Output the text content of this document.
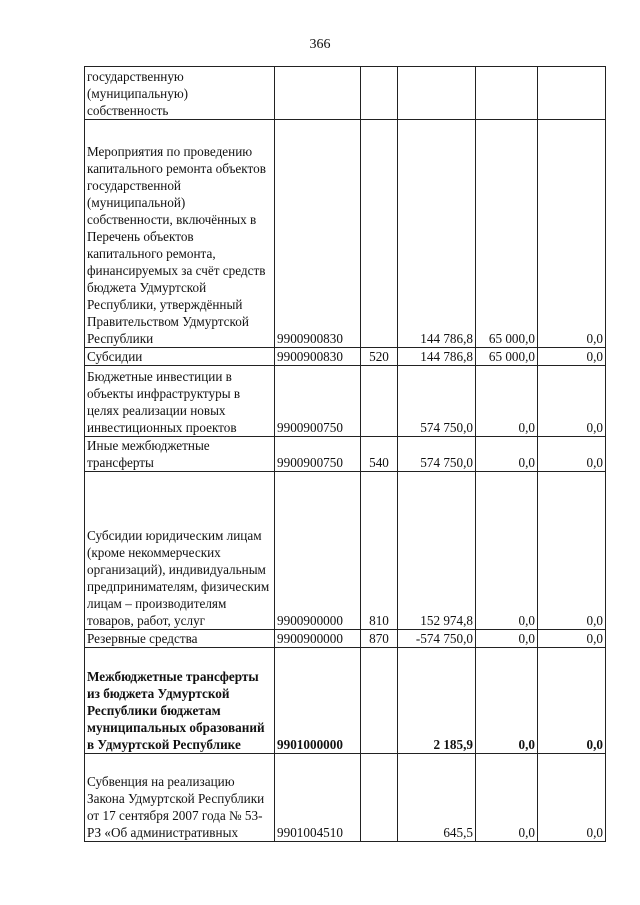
366
государственную (муниципальную) собственность					
Мероприятия по проведению капитального ремонта объектов государственной (муниципальной) собственности, включённых в Перечень объектов капитального ремонта, финансируемых за счёт средств бюджета Удмуртской Республики, утверждённый Правительством Удмуртской Республики	9900900830		144 786,8	65 000,0	0,0
Субсидии	9900900830	520	144 786,8	65 000,0	0,0
Бюджетные инвестиции в объекты инфраструктуры в целях реализации новых инвестиционных проектов	9900900750		574 750,0	0,0	0,0
Иные межбюджетные трансферты	9900900750	540	574 750,0	0,0	0,0
Субсидии юридическим лицам (кроме некоммерческих организаций), индивидуальным предпринимателям, физическим лицам – производителям товаров, работ, услуг	9900900000	810	152 974,8	0,0	0,0
Резервные средства	9900900000	870	-574 750,0	0,0	0,0
Межбюджетные трансферты из бюджета Удмуртской Республики бюджетам муниципальных образований в Удмуртской Республике	9901000000		2 185,9	0,0	0,0
Субвенция на реализацию Закона Удмуртской Республики от 17 сентября 2007 года № 53-РЗ «Об административных	9901004510		645,5	0,0	0,0
